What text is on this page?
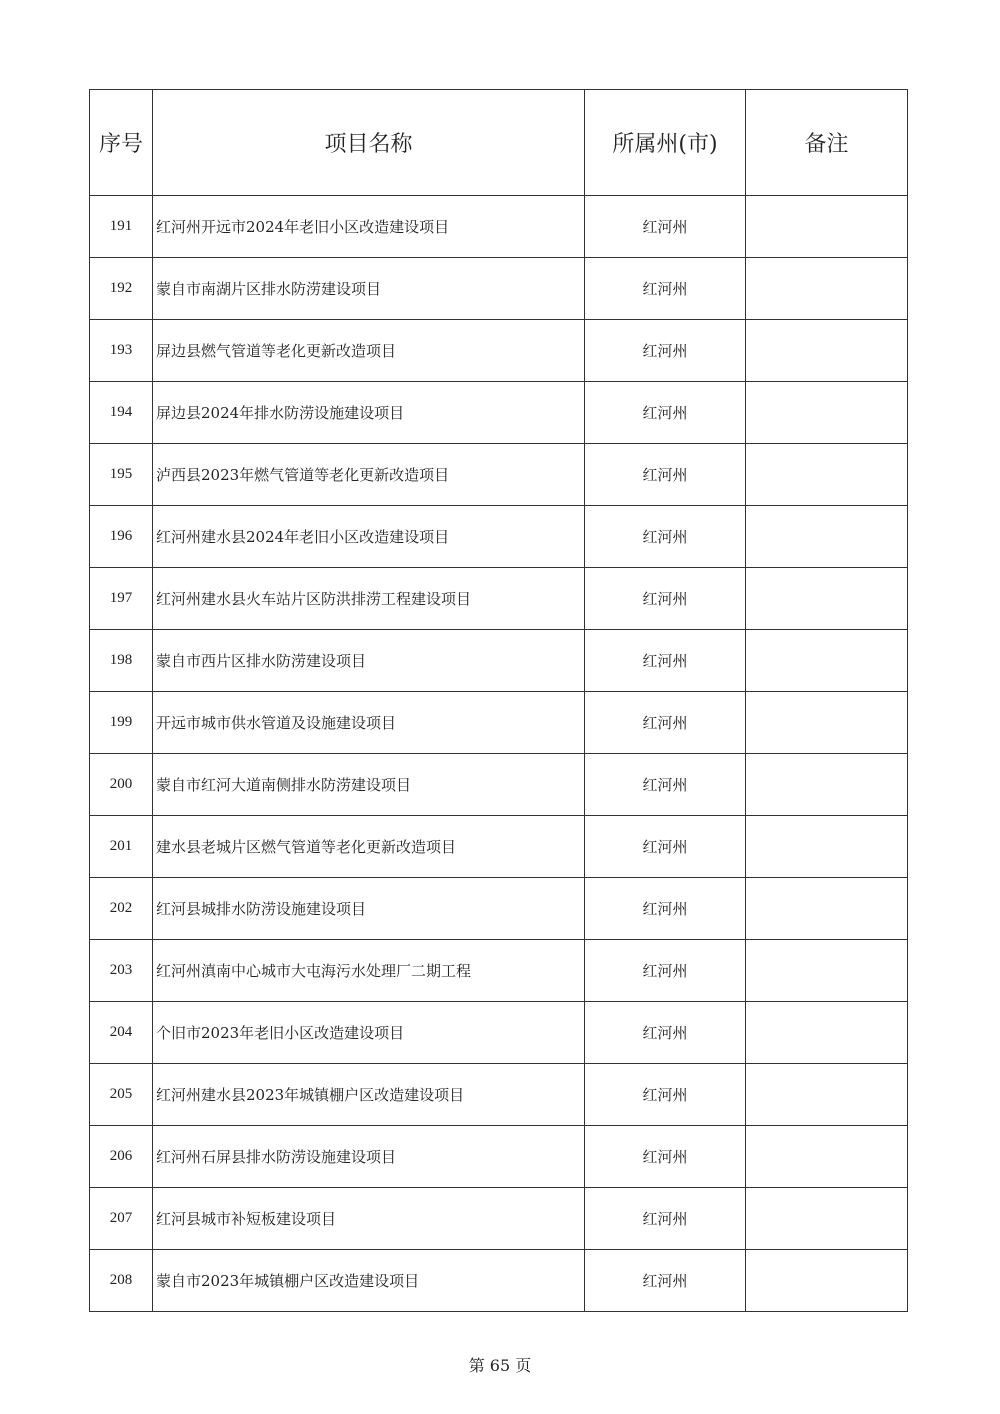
序号	项目名称	所属州(市)	备注
191	红河州开远市2024年老旧小区改造建设项目	红河州	
192	蒙自市南湖片区排水防涝建设项目	红河州	
193	屏边县燃气管道等老化更新改造项目	红河州	
194	屏边县2024年排水防涝设施建设项目	红河州	
195	泸西县2023年燃气管道等老化更新改造项目	红河州	
196	红河州建水县2024年老旧小区改造建设项目	红河州	
197	红河州建水县火车站片区防洪排涝工程建设项目	红河州	
198	蒙自市西片区排水防涝建设项目	红河州	
199	开远市城市供水管道及设施建设项目	红河州	
200	蒙自市红河大道南侧排水防涝建设项目	红河州	
201	建水县老城片区燃气管道等老化更新改造项目	红河州	
202	红河县城排水防涝设施建设项目	红河州	
203	红河州滇南中心城市大屯海污水处理厂二期工程	红河州	
204	个旧市2023年老旧小区改造建设项目	红河州	
205	红河州建水县2023年城镇棚户区改造建设项目	红河州	
206	红河州石屏县排水防涝设施建设项目	红河州	
207	红河县城市补短板建设项目	红河州	
208	蒙自市2023年城镇棚户区改造建设项目	红河州	
第 65 页
